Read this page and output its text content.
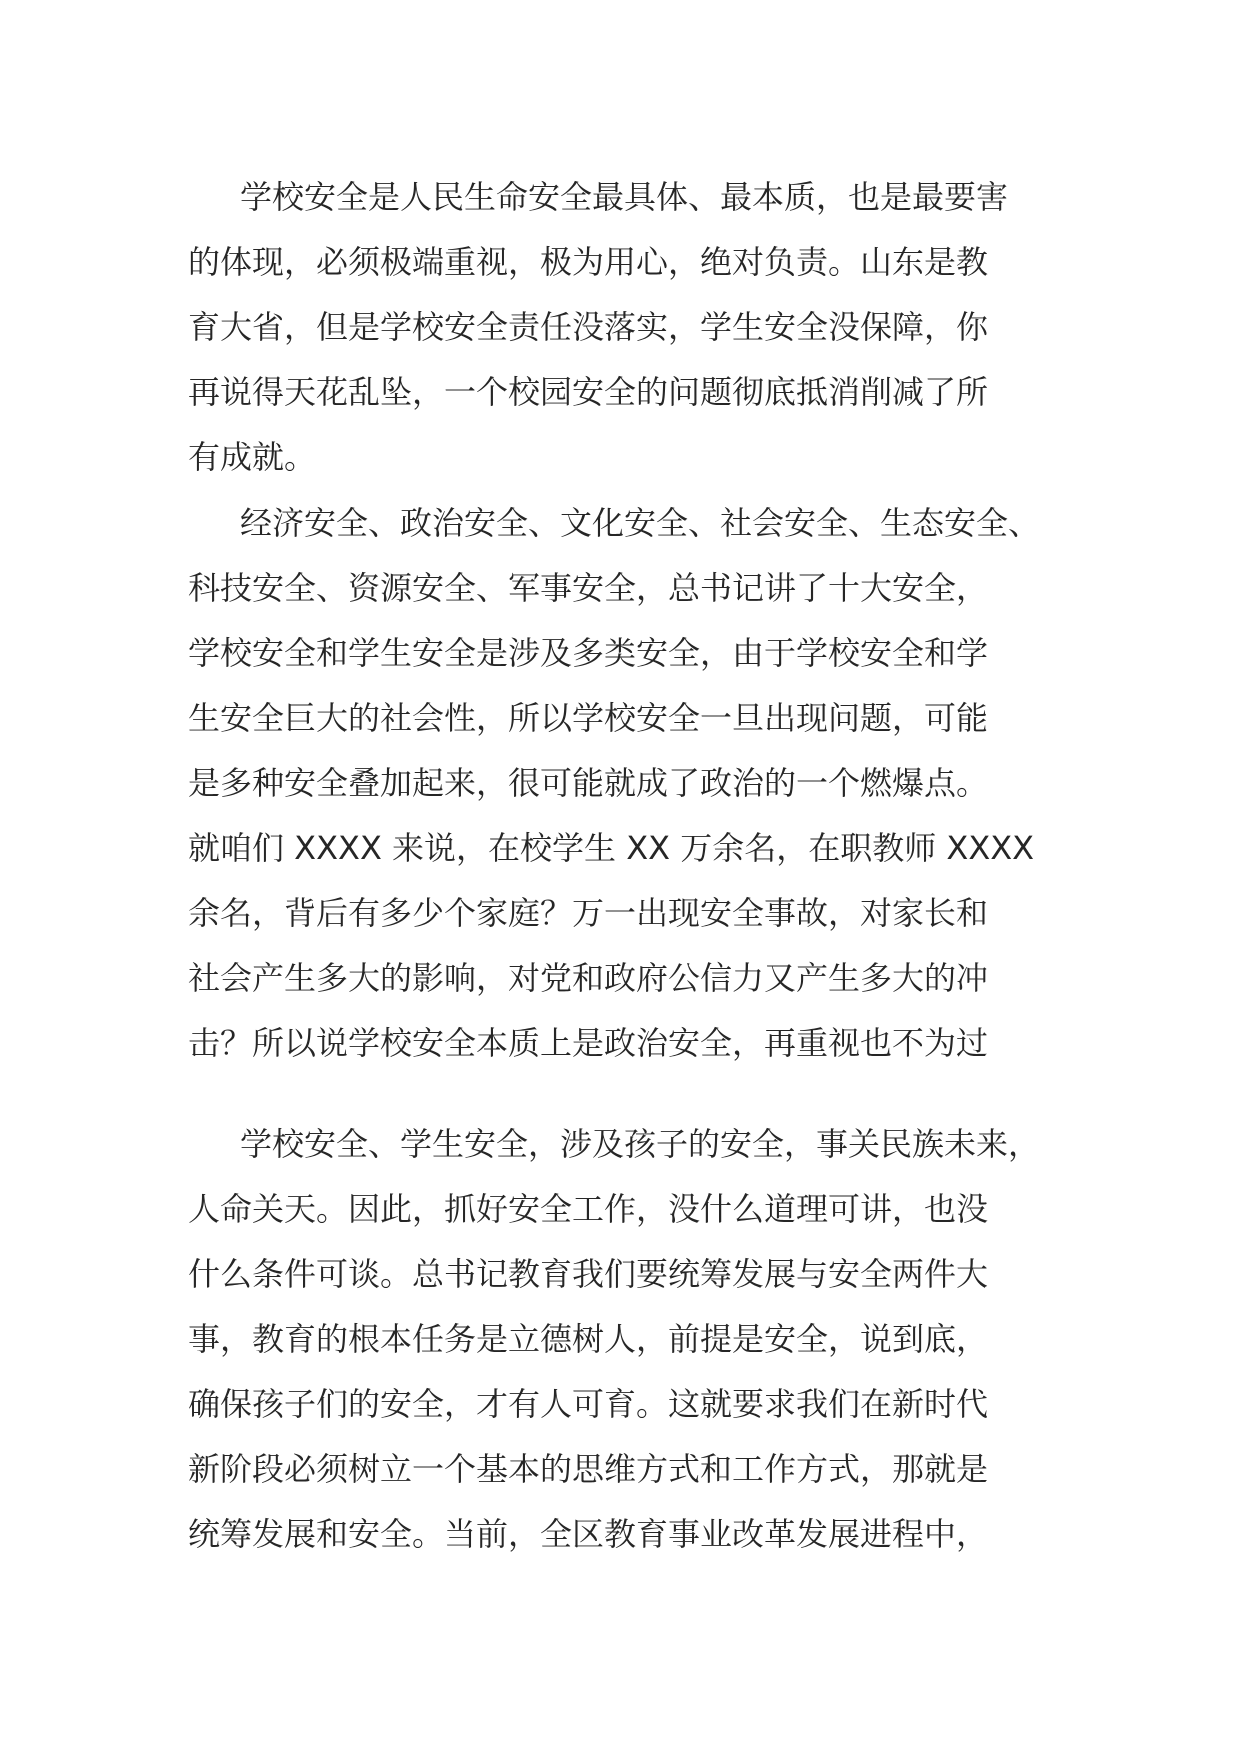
学校安全是人民生命安全最具体、最本质，也是最要害
的体现，必须极端重视，极为用心，绝对负责。山东是教
育大省，但是学校安全责任没落实，学生安全没保障，你
再说得天花乱坠，一个校园安全的问题彻底抵消削减了所
有成就。
经济安全、政治安全、文化安全、社会安全、生态安全、
科技安全、资源安全、军事安全，总书记讲了十大安全，
学校安全和学生安全是涉及多类安全，由于学校安全和学
生安全巨大的社会性，所以学校安全一旦出现问题，可能
是多种安全叠加起来，很可能就成了政治的一个燃爆点。
就咱们 XXXX 来说，在校学生 XX 万余名，在职教师 XXXX
余名，背后有多少个家庭？万一出现安全事故，对家长和
社会产生多大的影响，对党和政府公信力又产生多大的冲
击？所以说学校安全本质上是政治安全，再重视也不为过
学校安全、学生安全，涉及孩子的安全，事关民族未来，
人命关天。因此，抓好安全工作，没什么道理可讲，也没
什么条件可谈。总书记教育我们要统筹发展与安全两件大
事，教育的根本任务是立德树人，前提是安全，说到底，
确保孩子们的安全，才有人可育。这就要求我们在新时代
新阶段必须树立一个基本的思维方式和工作方式，那就是
统筹发展和安全。当前，全区教育事业改革发展进程中，
